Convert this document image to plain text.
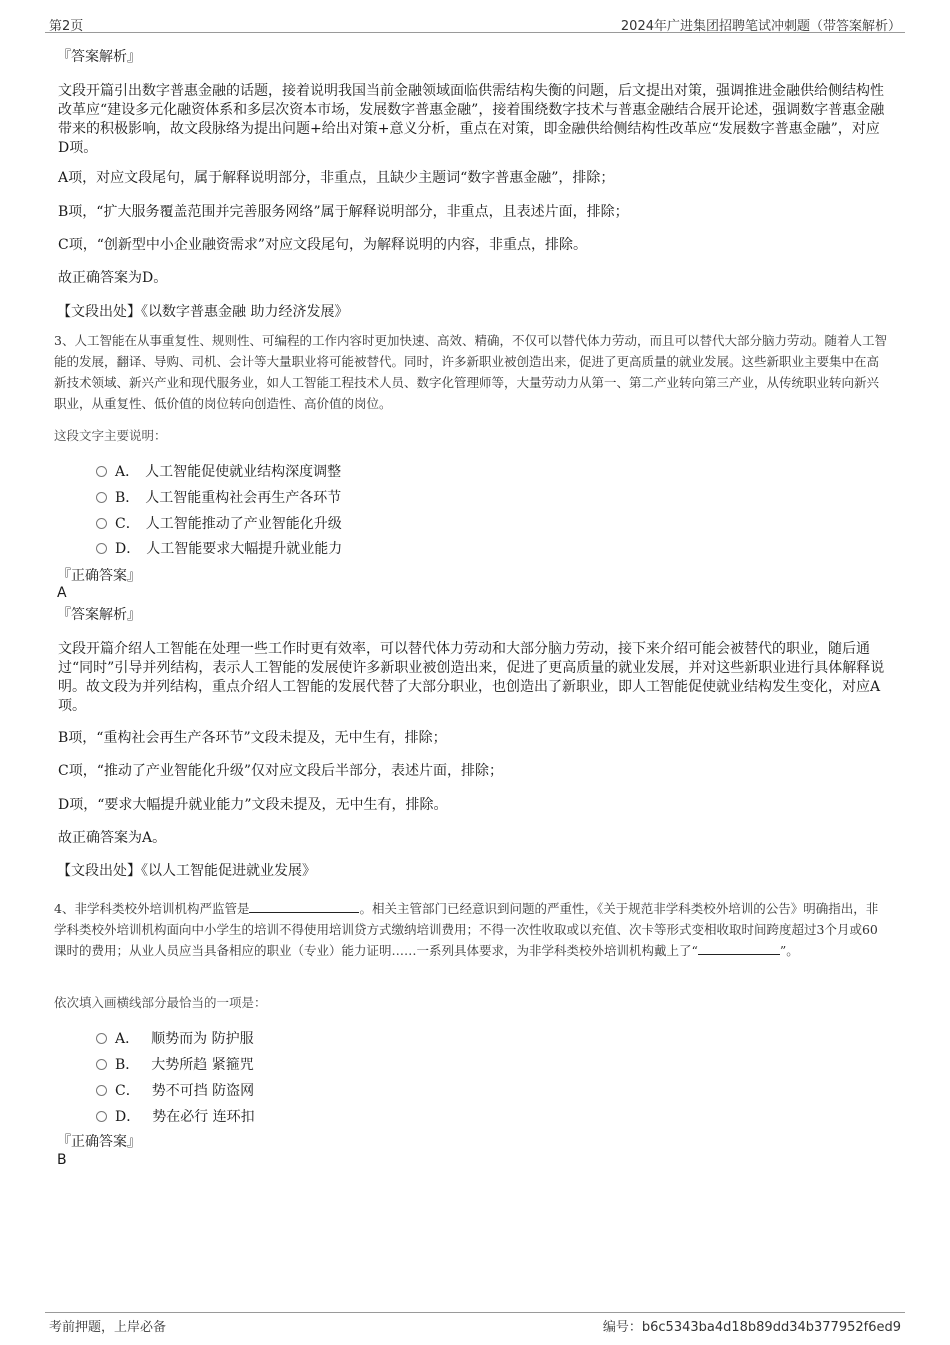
第2页	2024年广进集团招聘笔试冲刺题（带答案解析）
『答案解析』
文段开篇引出数字普惠金融的话题，接着说明我国当前金融领域面临供需结构失衡的问题，后文提出对策，强调推进金融供给侧结构性改革应“建设多元化融资体系和多层次资本市场，发展数字普惠金融”，接着围绕数字技术与普惠金融结合展开论述，强调数字普惠金融带来的积极影响，故文段脉络为提出问题+给出对策+意义分析，重点在对策，即金融供给侧结构性改革应“发展数字普惠金融”，对应D项。
A项，对应文段尾句，属于解释说明部分，非重点，且缺少主题词“数字普惠金融”，排除；
B项，“扩大服务覆盖范围并完善服务网络”属于解释说明部分，非重点，且表述片面，排除；
C项，“创新型中小企业融资需求”对应文段尾句，为解释说明的内容，非重点，排除。
故正确答案为D。
【文段出处】《以数字普惠金融 助力经济发展》
3、人工智能在从事重复性、规则性、可编程的工作内容时更加快速、高效、精确，不仅可以替代体力劳动，而且可以替代大部分脑力劳动。随着人工智能的发展，翻译、导购、司机、会计等大量职业将可能被替代。同时，许多新职业被创造出来，促进了更高质量的就业发展。这些新职业主要集中在高新技术领域、新兴产业和现代服务业，如人工智能工程技术人员、数字化管理师等，大量劳动力从第一、第二产业转向第三产业，从传统职业转向新兴职业，从重复性、低价值的岗位转向创造性、高价值的岗位。
这段文字主要说明：
A． 人工智能促使就业结构深度调整
B． 人工智能重构社会再生产各环节
C． 人工智能推动了产业智能化升级
D． 人工智能要求大幅提升就业能力
『正确答案』
A
『答案解析』
文段开篇介绍人工智能在处理一些工作时更有效率，可以替代体力劳动和大部分脑力劳动，接下来介绍可能会被替代的职业，随后通过“同时”引导并列结构，表示人工智能的发展使许多新职业被创造出来，促进了更高质量的就业发展，并对这些新职业进行具体解释说明。故文段为并列结构，重点介绍人工智能的发展代替了大部分职业，也创造出了新职业，即人工智能促使就业结构发生变化，对应A项。
B项，“重构社会再生产各环节”文段未提及，无中生有，排除；
C项，“推动了产业智能化升级”仅对应文段后半部分，表述片面，排除；
D项，“要求大幅提升就业能力”文段未提及，无中生有，排除。
故正确答案为A。
【文段出处】《以人工智能促进就业发展》
4、非学科类校外培训机构严监管是	。相关主管部门已经意识到问题的严重性，《关于规范非学科类校外培训的公告》明确指出，非学科类校外培训机构面向中小学生的培训不得使用培训贷方式缴纳培训费用；不得一次性收取或以充值、次卡等形式变相收取时间跨度超过3个月或60课时的费用；从业人员应当具备相应的职业（专业）能力证明……一系列具体要求，为非学科类校外培训机构戴上了“	”。
依次填入画横线部分最恰当的一项是：
A． 顺势而为 防护服
B． 大势所趋 紧箍咒
C． 势不可挡 防盗网
D． 势在必行 连环扣
『正确答案』
B
考前押题，上岸必备	编号：b6c5343ba4d18b89dd34b377952f6ed9
